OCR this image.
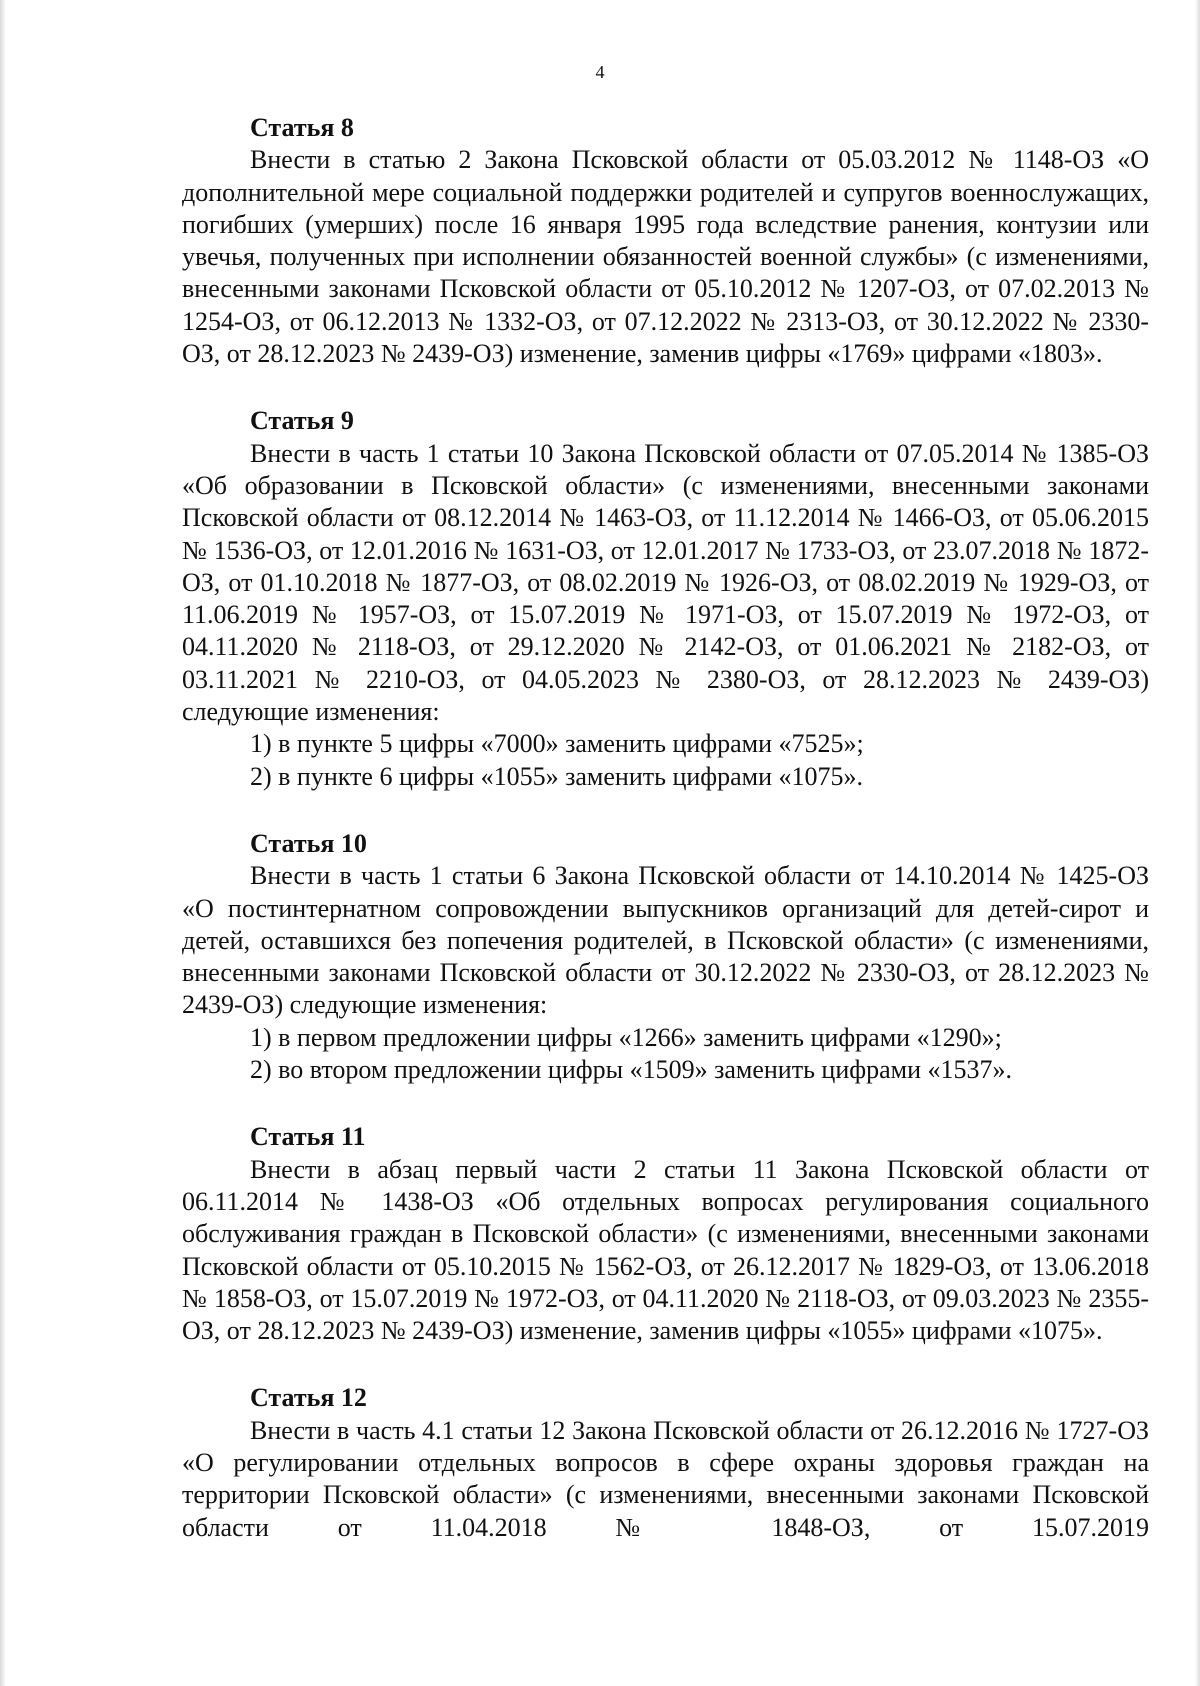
4

Статья 8

Внести в статью 2 Закона Псковской области от 05.03.2012 № 1148-ОЗ «О дополнительной мере социальной поддержки родителей и супругов военнослужащих, погибших (умерших) после 16 января 1995 года вследствие ранения, контузии или увечья, полученных при исполнении обязанностей военной службы» (с изменениями, внесенными законами Псковской области от 05.10.2012 № 1207-ОЗ, от 07.02.2013 № 1254-ОЗ, от 06.12.2013 № 1332-ОЗ, от 07.12.2022 № 2313-ОЗ, от 30.12.2022 № 2330-ОЗ, от 28.12.2023 № 2439-ОЗ) изменение, заменив цифры «1769» цифрами «1803».

Статья 9

Внести в часть 1 статьи 10 Закона Псковской области от 07.05.2014 № 1385-ОЗ «Об образовании в Псковской области» (с изменениями, внесенными законами Псковской области от 08.12.2014 № 1463-ОЗ, от 11.12.2014 № 1466-ОЗ, от 05.06.2015 № 1536-ОЗ, от 12.01.2016 № 1631-ОЗ, от 12.01.2017 № 1733-ОЗ, от 23.07.2018 № 1872-ОЗ, от 01.10.2018 № 1877-ОЗ, от 08.02.2019 № 1926-ОЗ, от 08.02.2019 № 1929-ОЗ, от 11.06.2019 № 1957-ОЗ, от 15.07.2019 № 1971-ОЗ, от 15.07.2019 № 1972-ОЗ, от 04.11.2020 № 2118-ОЗ, от 29.12.2020 № 2142-ОЗ, от 01.06.2021 № 2182-ОЗ, от 03.11.2021 № 2210-ОЗ, от 04.05.2023 № 2380-ОЗ, от 28.12.2023 № 2439-ОЗ) следующие изменения:

1) в пункте 5 цифры «7000» заменить цифрами «7525»;

2) в пункте 6 цифры «1055» заменить цифрами «1075».

Статья 10

Внести в часть 1 статьи 6 Закона Псковской области от 14.10.2014 № 1425-ОЗ «О постинтернатном сопровождении выпускников организаций для детей-сирот и детей, оставшихся без попечения родителей, в Псковской области» (с изменениями, внесенными законами Псковской области от 30.12.2022 № 2330-ОЗ, от 28.12.2023 № 2439-ОЗ) следующие изменения:

1) в первом предложении цифры «1266» заменить цифрами «1290»;

2) во втором предложении цифры «1509» заменить цифрами «1537».

Статья 11

Внести в абзац первый части 2 статьи 11 Закона Псковской области от 06.11.2014 № 1438-ОЗ «Об отдельных вопросах регулирования социального обслуживания граждан в Псковской области» (с изменениями, внесенными законами Псковской области от 05.10.2015 № 1562-ОЗ, от 26.12.2017 № 1829-ОЗ, от 13.06.2018 № 1858-ОЗ, от 15.07.2019 № 1972-ОЗ, от 04.11.2020 № 2118-ОЗ, от 09.03.2023 № 2355-ОЗ, от 28.12.2023 № 2439-ОЗ) изменение, заменив цифры «1055» цифрами «1075».

Статья 12

Внести в часть 4.1 статьи 12 Закона Псковской области от 26.12.2016 № 1727-ОЗ «О регулировании отдельных вопросов в сфере охраны здоровья граждан на территории Псковской области» (с изменениями, внесенными законами Псковской области от 11.04.2018 № 1848-ОЗ, от 15.07.2019
